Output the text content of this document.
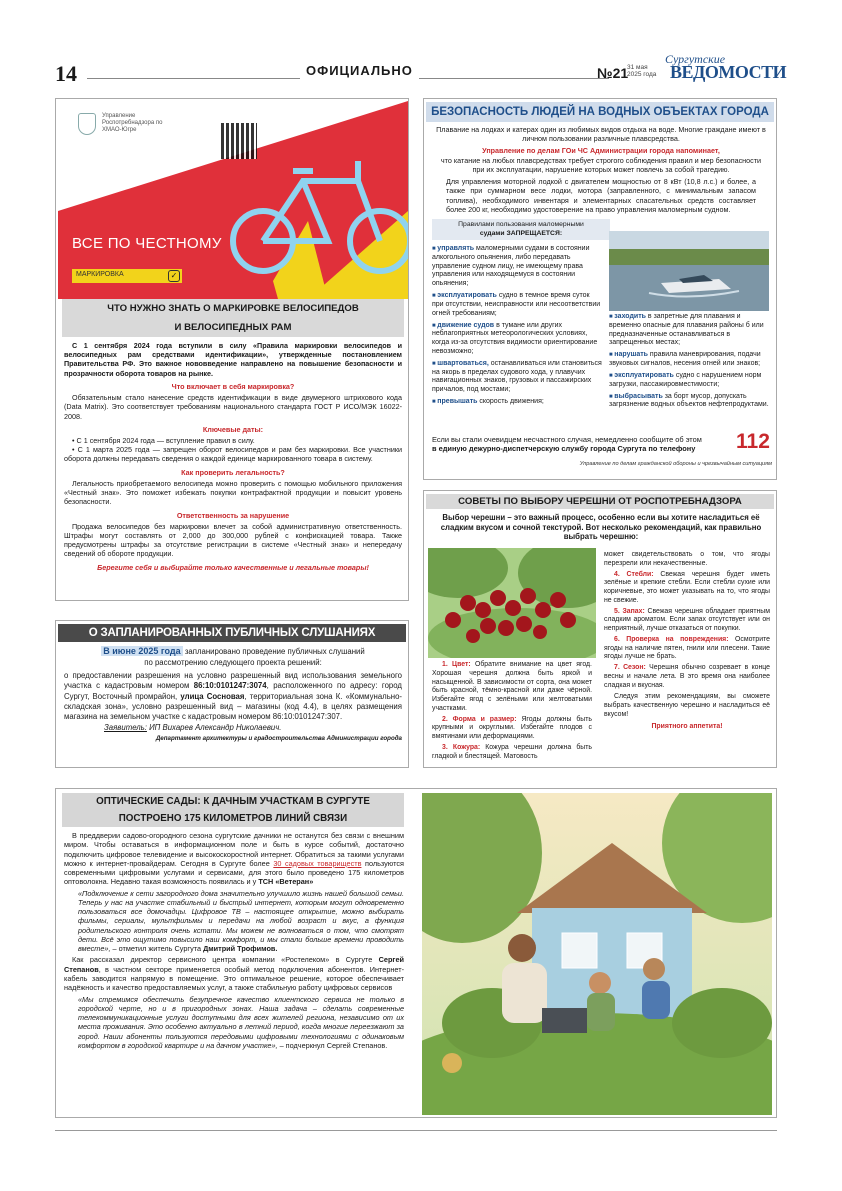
14	ОФИЦИАЛЬНО	№21
31 мая
2025 года
Сургутские
ВЕДОМОСТИ
Управление Роспотребнадзора по ХМАО-Югре
ВСЕ ПО ЧЕСТНОМУ
МАРКИРОВКА	✓
ЧТО НУЖНО ЗНАТЬ О МАРКИРОВКЕ ВЕЛОСИПЕДОВ
И ВЕЛОСИПЕДНЫХ РАМ

С 1 сентября 2024 года вступили в силу «Правила маркировки велосипедов и велосипедных рам средствами идентификации», утвержденные постановлением Правительства РФ. Это важное нововведение направлено на повышение безопасности и прозрачности оборота товаров на рынке.

Что включает в себя маркировка?

Обязательным стало нанесение средств идентификации в виде двумерного штрихового кода (Data Matrix). Это соответствует требованиям национального стандарта ГОСТ Р ИСО/МЭК 16022-2008.

Ключевые даты:

• С 1 сентября 2024 года — вступление правил в силу.

• С 1 марта 2025 года — запрещен оборот велосипедов и рам без маркировки. Все участники оборота должны передавать сведения о каждой единице маркированного товара в систему.

Как проверить легальность?

Легальность приобретаемого велосипеда можно проверить с помощью мобильного приложения «Честный знак». Это поможет избежать покупки контрафактной продукции и повысит уровень безопасности.

Ответственность за нарушение

Продажа велосипедов без маркировки влечет за собой административную ответственность. Штрафы могут составлять от 2,000 до 300,000 рублей с конфискацией товара. Также предусмотрены штрафы за отсутствие регистрации в системе «Честный знак» и непередачу сведений об обороте продукции.

Берегите себя и выбирайте только качественные и легальные товары!

О ЗАПЛАНИРОВАННЫХ ПУБЛИЧНЫХ СЛУШАНИЯХ
В июне 2025 года запланировано проведение публичных слушаний
по рассмотрению следующего проекта решений:

о предоставлении разрешения на условно разрешенный вид использования земельного участка с кадастровым номером 86:10:0101247:3074, расположенного по адресу: город Сургут, Восточный промрайон, улица Сосновая, территориальная зона К. «Коммунально-складская зона», условно разрешенный вид – магазины (код 4.4), в целях размещения магазина на земельном участке с кадастровым номером 86:10:0101247:307.

Заявитель: ИП Вихарев Александр Николаевич.

Департамент архитектуры и градостроительства Администрации города

БЕЗОПАСНОСТЬ ЛЮДЕЙ НА ВОДНЫХ ОБЪЕКТАХ ГОРОДА

Плавание на лодках и катерах один из любимых видов отдыха на воде. Многие граждане имеют в личном пользовании различные плавсредства.

Управление по делам ГОи ЧС Администрации города напоминает,

что катание на любых плавсредствах требует строгого соблюдения правил и мер безопасности при их эксплуатации, нарушение которых может повлечь за собой трагедию.

Для управления моторной лодкой с двигателем мощностью от 8 кВт (10,8 л.с.) и более, а также при суммарном весе лодки, мотора (заправленного, с минимальным запасом топлива), необходимого инвентаря и элементарных спасательных средств составляет более 200 кг, необходимо удостоверение на право управления маломерным судном.

Правилами пользования маломерными
судами ЗАПРЕЩАЕТСЯ:

■ управлять маломерными судами в состоянии алкогольного опьянения, либо передавать управление судном лицу, не имеющему права управления или находящемуся в состоянии опьянения;

■ эксплуатировать судно в темное время суток при отсутствии, неисправности или несоответствии огней требованиям;

■ движение судов в тумане или других неблагоприятных метеорологических условиях, когда из-за отсутствия видимости ориентирование невозможно;

■ швартоваться, останавливаться или становиться на якорь в пределах судового хода, у плавучих навигационных знаков, грузовых и пассажирских причалов, под мостами;

■ превышать скорость движения;

■ заходить в запретные для плавания и временно опасные для плавания районы б или предназначенные останавливаться в запрещенных местах;

■ нарушать правила маневрирования, подачи звуковых сигналов, несения огней или знаков;

■ эксплуатировать судно с нарушением норм загрузки, пассажировместимости;

■ выбрасывать за борт мусор, допускать загрязнение водных объектов нефтепродуктами.

Если вы стали очевидцем несчастного случая, немедленно сообщите об этом
в единую дежурно-диспетчерскую службу города Сургута по телефону	112
Управление по делам гражданской обороны и чрезвычайным ситуациям
СОВЕТЫ ПО ВЫБОРУ ЧЕРЕШНИ ОТ РОСПОТРЕБНАДЗОРА
Выбор черешни – это важный процесс, особенно если вы хотите насладиться её сладким вкусом и сочной текстурой. Вот несколько рекомендаций, как правильно выбрать черешню:

1. Цвет: Обратите внимание на цвет ягод. Хорошая черешня должна быть яркой и насыщенной. В зависимости от сорта, она может быть красной, тёмно-красной или даже чёрной. Избегайте ягод с зелёными или желтоватыми участками.

2. Форма и размер: Ягоды должны быть крупными и округлыми. Избегайте плодов с вмятинами или деформациями.

3. Кожура: Кожура черешни должна быть гладкой и блестящей. Матовость

может свидетельствовать о том, что ягоды перезрели или некачественные.

4. Стебли: Свежая черешня будет иметь зелёные и крепкие стебли. Если стебли сухие или коричневые, это может указывать на то, что ягоды не свежие.

5. Запах: Свежая черешня обладает приятным сладким ароматом. Если запах отсутствует или он неприятный, лучше отказаться от покупки.

6. Проверка на повреждения: Осмотрите ягоды на наличие пятен, гнили или плесени. Такие ягоды лучше не брать.

7. Сезон: Черешня обычно созревает в конце весны и начале лета. В это время она наиболее сладкая и вкусная.

Следуя этим рекомендациям, вы сможете выбрать качественную черешню и насладиться её вкусом!

Приятного аппетита!

ОПТИЧЕСКИЕ САДЫ: К ДАЧНЫМ УЧАСТКАМ В СУРГУТЕ
ПОСТРОЕНО 175 КИЛОМЕТРОВ ЛИНИЙ СВЯЗИ

В преддверии садово-огородного сезона сургутские дачники не останутся без связи с внешним миром. Чтобы оставаться в информационном поле и быть в курсе событий, достаточно подключить цифровое телевидение и высокоскоростной интернет. Обратиться за такими услугами можно к интернет-провайдерам. Сегодня в Сургуте более 30 садовых товариществ пользуются современными цифровыми услугами и сервисами, для этого было проведено 175 километров оптоволокна. Недавно такая возможность появилась и у ТСН «Ветеран»

«Подключение к сети загородного дома значительно улучшило жизнь нашей большой семьи. Теперь у нас на участке стабильный и быстрый интернет, которым могут одновременно пользоваться все домочадцы. Цифровое ТВ – настоящее открытие, можно выбирать фильмы, сериалы, мультфильмы и передачи на любой возраст и вкус, а функция родительского контроля очень кстати. Мы можем не волноваться о том, что смотрят дети. Всё это ощутимо повысило наш комфорт, и мы стали больше времени проводить вместе», – отметил житель Сургута Дмитрий Трофимов.

Как рассказал директор сервисного центра компании «Ростелеком» в Сургуте Сергей Степанов, в частном секторе применяется особый метод подключения абонентов. Интернет-кабель заводится напрямую в помещение. Это оптимальное решение, которое обеспечивает надёжность и качество предоставляемых услуг, а также стабильную работу цифровых сервисов

«Мы стремимся обеспечить безупречное качество клиентского сервиса не только в городской черте, но и в пригородных зонах. Наша задача – сделать современные телекоммуникационные услуги доступными для всех жителей региона, независимо от их места проживания. Это особенно актуально в летний период, когда многие переезжают за город. Наши абоненты пользуются передовыми цифровыми технологиями с одинаковым комфортом в городской квартире и на дачном участке», – подчеркнул Сергей Степанов.
